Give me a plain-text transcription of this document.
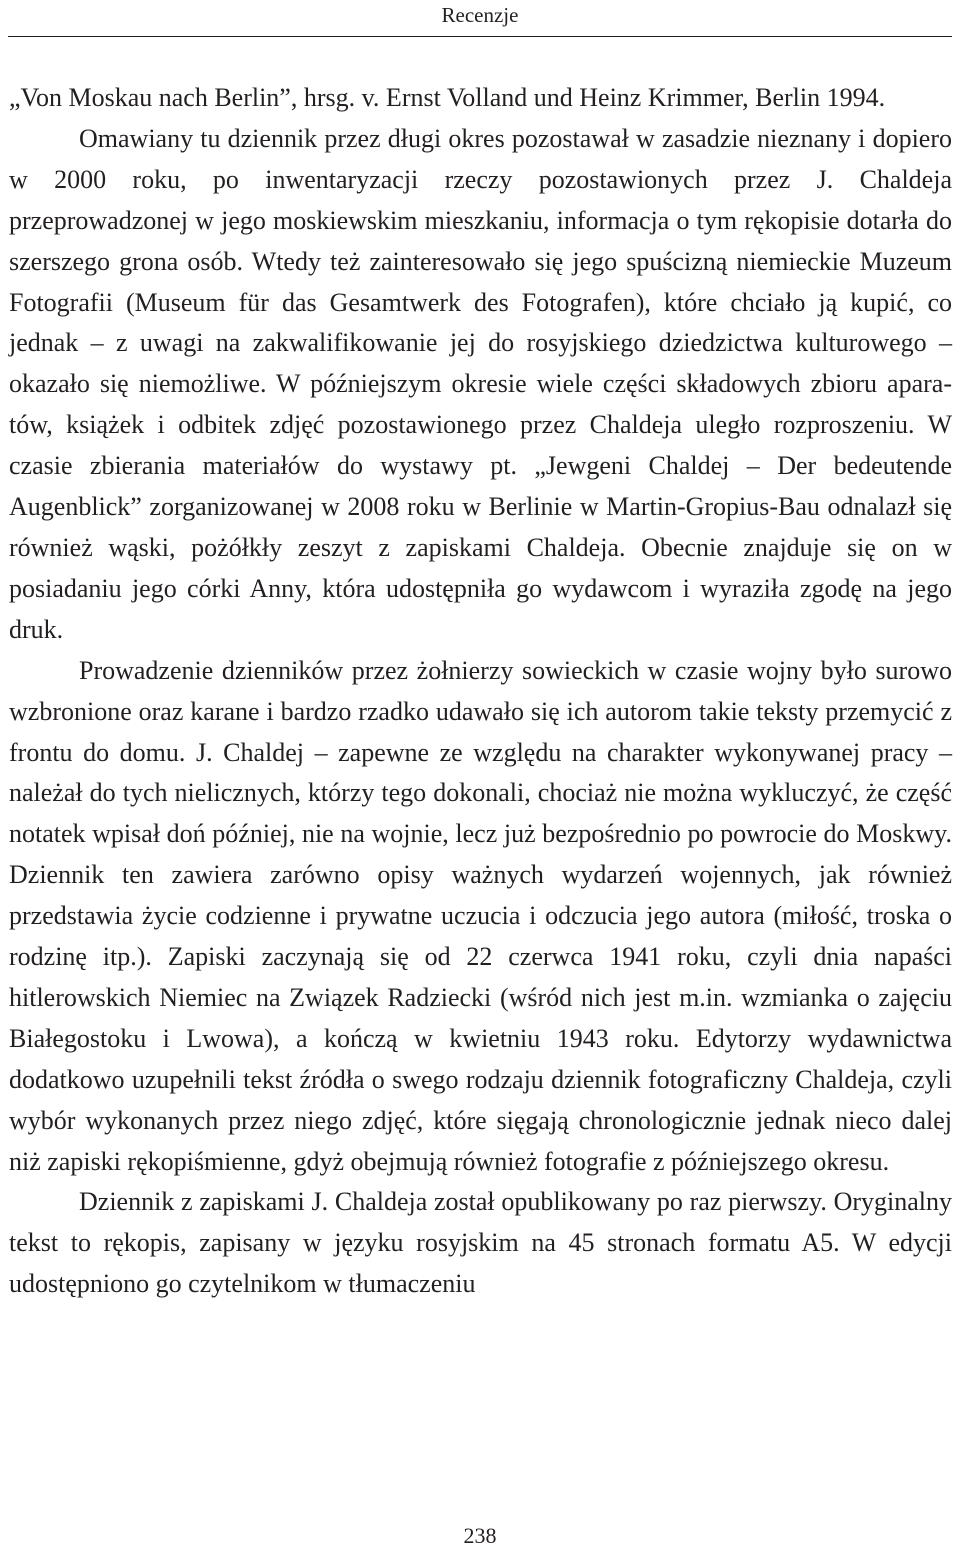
Recenzje

„Von Moskau nach Berlin”, hrsg. v. Ernst Volland und Heinz Krimmer, Berlin 1994.

Omawiany tu dziennik przez długi okres pozostawał w zasadzie nieznany i dopiero w 2000 roku, po inwentaryzacji rzeczy pozostawionych przez J. Chaldeja przeprowadzonej w jego moskiewskim mieszkaniu, informacja o tym rękopisie dotarła do szerszego grona osób. Wtedy też zainteresowało się jego spuścizną niemieckie Muzeum Fotografii (Museum für das Gesamtwerk des Fotografen), które chciało ją kupić, co jednak – z uwagi na zakwalifikowanie jej do rosyjskiego dziedzictwa kulturowego – okazało się niemożliwe. W późniejszym okresie wiele części składowych zbioru aparatów, książek i odbitek zdjęć pozostawionego przez Chaldeja uległo rozproszeniu. W czasie zbierania materiałów do wystawy pt. „Jewgeni Chaldej – Der bedeutende Augenblick” zorganizowanej w 2008 roku w Berlinie w Martin-Gropius-Bau odnalazł się również wąski, pożółkły zeszyt z zapiskami Chaldeja. Obecnie znajduje się on w posiadaniu jego córki Anny, która udostępniła go wydawcom i wyraziła zgodę na jego druk.

Prowadzenie dzienników przez żołnierzy sowieckich w czasie wojny było surowo wzbronione oraz karane i bardzo rzadko udawało się ich autorom takie teksty przemycić z frontu do domu. J. Chaldej – zapewne ze względu na charakter wykonywanej pracy – należał do tych nielicznych, którzy tego dokonali, chociaż nie można wykluczyć, że część notatek wpisał doń później, nie na wojnie, lecz już bezpośrednio po powrocie do Moskwy. Dziennik ten zawiera zarówno opisy ważnych wydarzeń wojennych, jak również przedstawia życie codzienne i prywatne uczucia i odczucia jego autora (miłość, troska o rodzinę itp.). Zapiski zaczynają się od 22 czerwca 1941 roku, czyli dnia napaści hitlerowskich Niemiec na Związek Radziecki (wśród nich jest m.in. wzmianka o zajęciu Białegostoku i Lwowa), a kończą w kwietniu 1943 roku. Edytorzy wydawnictwa dodatkowo uzupełnili tekst źródła o swego rodzaju dziennik fotograficzny Chaldeja, czyli wybór wykonanych przez niego zdjęć, które sięgają chronologicznie jednak nieco dalej niż zapiski rękopiśmienne, gdyż obejmują również fotografie z późniejszego okresu.

Dziennik z zapiskami J. Chaldeja został opublikowany po raz pierwszy. Oryginalny tekst to rękopis, zapisany w języku rosyjskim na 45 stronach formatu A5. W edycji udostępniono go czytelnikom w tłumaczeniu

238
